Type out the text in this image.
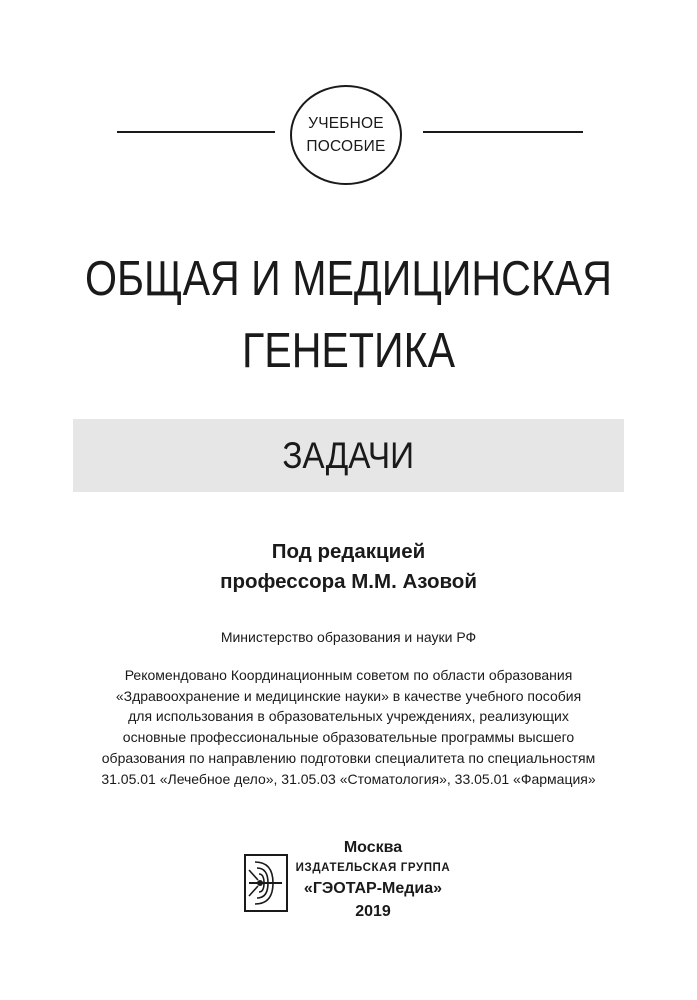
УЧЕБНОЕ
ПОСОБИЕ
ОБЩАЯ И МЕДИЦИНСКАЯ
ГЕНЕТИКА
ЗАДАЧИ
Под редакцией
профессора М.М. Азовой
Министерство образования и науки РФ
Рекомендовано Координационным советом по области образования
«Здравоохранение и медицинские науки» в качестве учебного пособия
для использования в образовательных учреждениях, реализующих
основные профессиональные образовательные программы высшего
образования по направлению подготовки специалитета по специальностям
31.05.01 «Лечебное дело», 31.05.03 «Стоматология», 33.05.01 «Фармация»
Москва
ИЗДАТЕЛЬСКАЯ ГРУППА
«ГЭОТАР-Медиа»
2019
